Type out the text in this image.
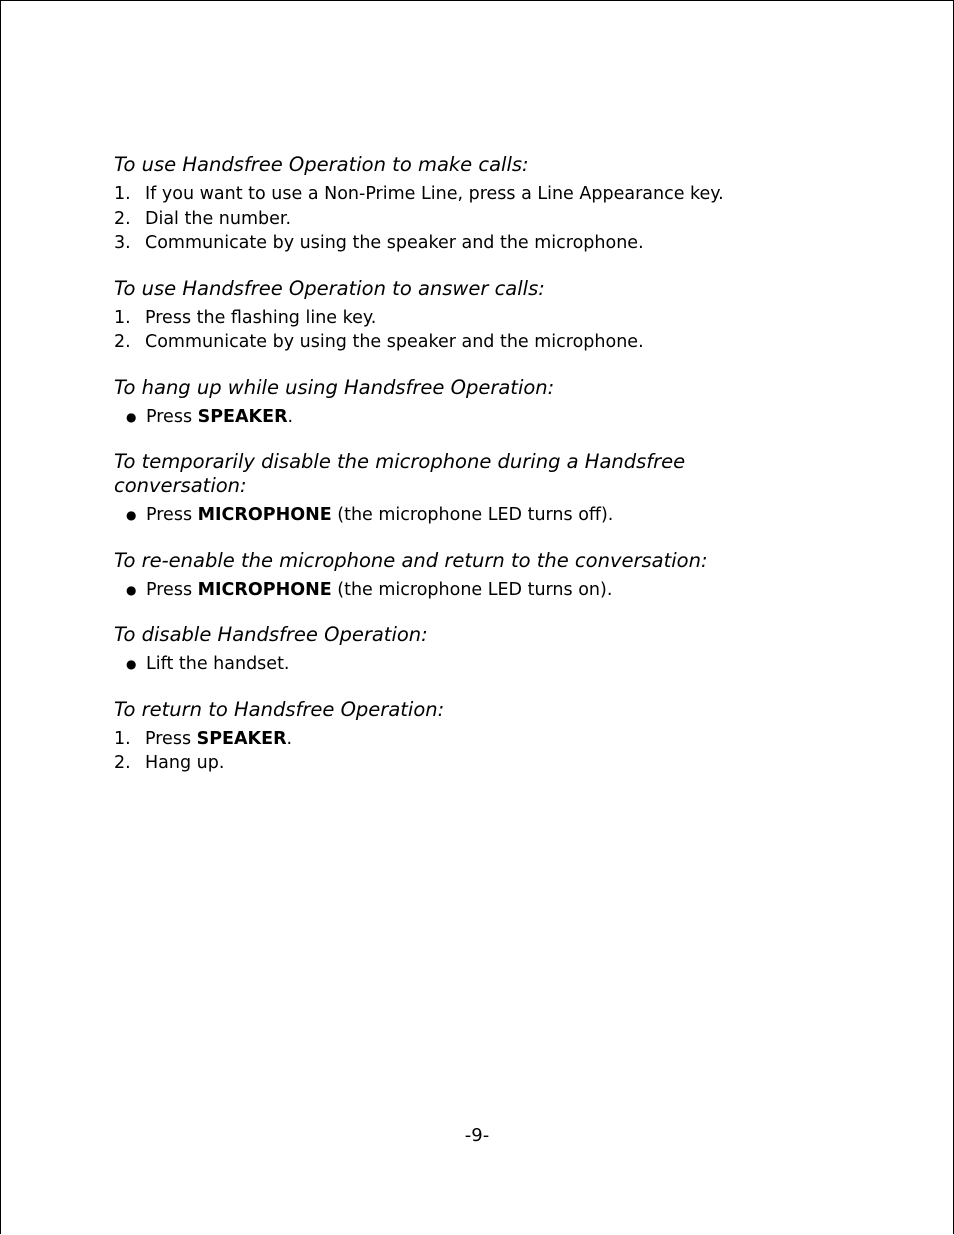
To use Handsfree Operation to make calls:
1. If you want to use a Non-Prime Line, press a Line Appearance key.
2. Dial the number.
3. Communicate by using the speaker and the microphone.
To use Handsfree Operation to answer calls:
1. Press the flashing line key.
2. Communicate by using the speaker and the microphone.
To hang up while using Handsfree Operation:
● Press SPEAKER.
To temporarily disable the microphone during a Handsfree conversation:
● Press MICROPHONE (the microphone LED turns off).
To re-enable the microphone and return to the conversation:
● Press MICROPHONE (the microphone LED turns on).
To disable Handsfree Operation:
● Lift the handset.
To return to Handsfree Operation:
1. Press SPEAKER.
2. Hang up.
-9-
